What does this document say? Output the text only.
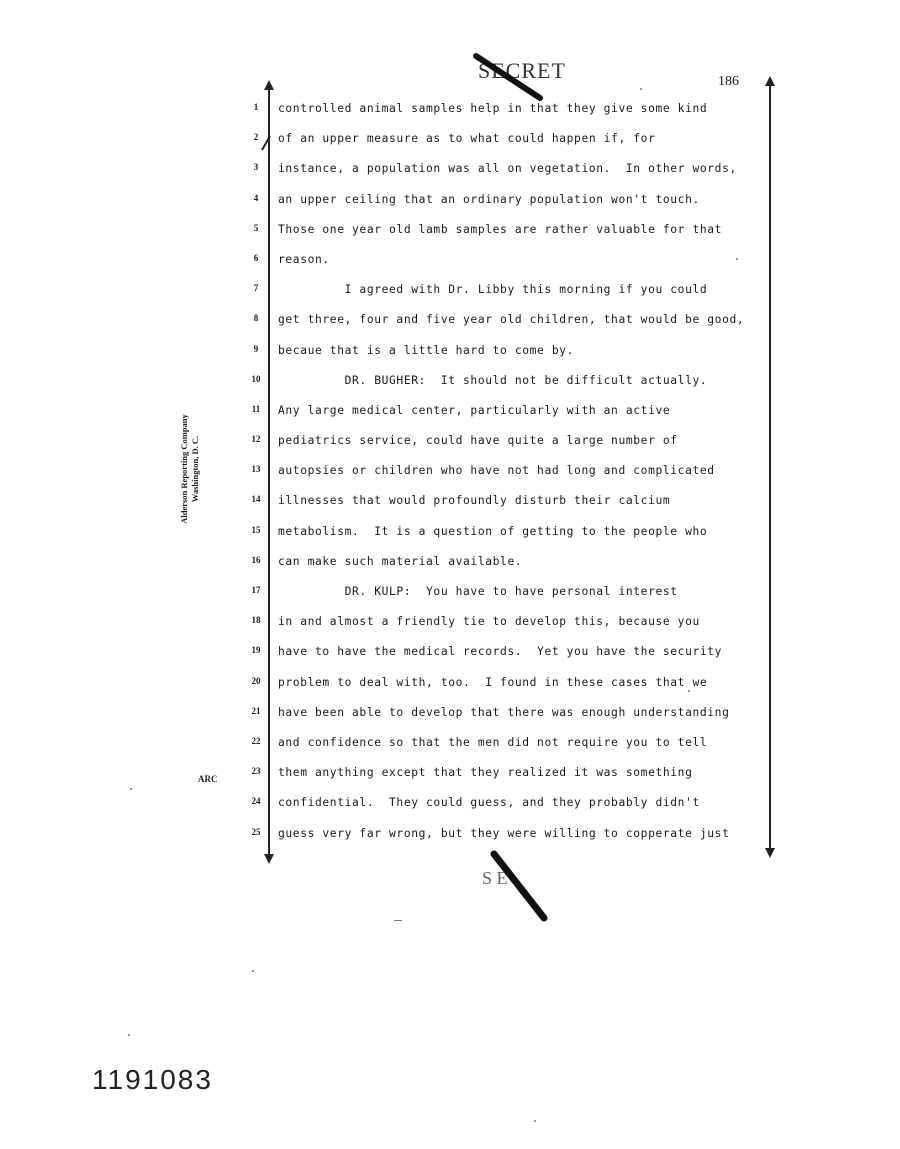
SECRET	186
1
2
3
4
5
6
7
8
9
10
11
12
13
14
15
16
17
18
19
20
21
22
23
24
25
controlled animal samples help in that they give some kind
of an upper measure as to what could happen if, for
instance, a population was all on vegetation.  In other words,
an upper ceiling that an ordinary population won't touch.
Those one year old lamb samples are rather valuable for that
reason.
I agreed with Dr. Libby this morning if you could
get three, four and five year old children, that would be good,
becaue that is a little hard to come by.
DR. BUGHER:  It should not be difficult actually.
Any large medical center, particularly with an active
pediatrics service, could have quite a large number of
autopsies or children who have not had long and complicated
illnesses that would profoundly disturb their calcium
metabolism.  It is a question of getting to the people who
can make such material available.
DR. KULP:  You have to have personal interest
in and almost a friendly tie to develop this, because you
have to have the medical records.  Yet you have the security
problem to deal with, too.  I found in these cases that we
have been able to develop that there was enough understanding
and confidence so that the men did not require you to tell
them anything except that they realized it was something
confidential.  They could guess, and they probably didn't
guess very far wrong, but they were willing to copperate just
Alderson Reporting Company Washington, D. C.
ARC
S E
1191083
